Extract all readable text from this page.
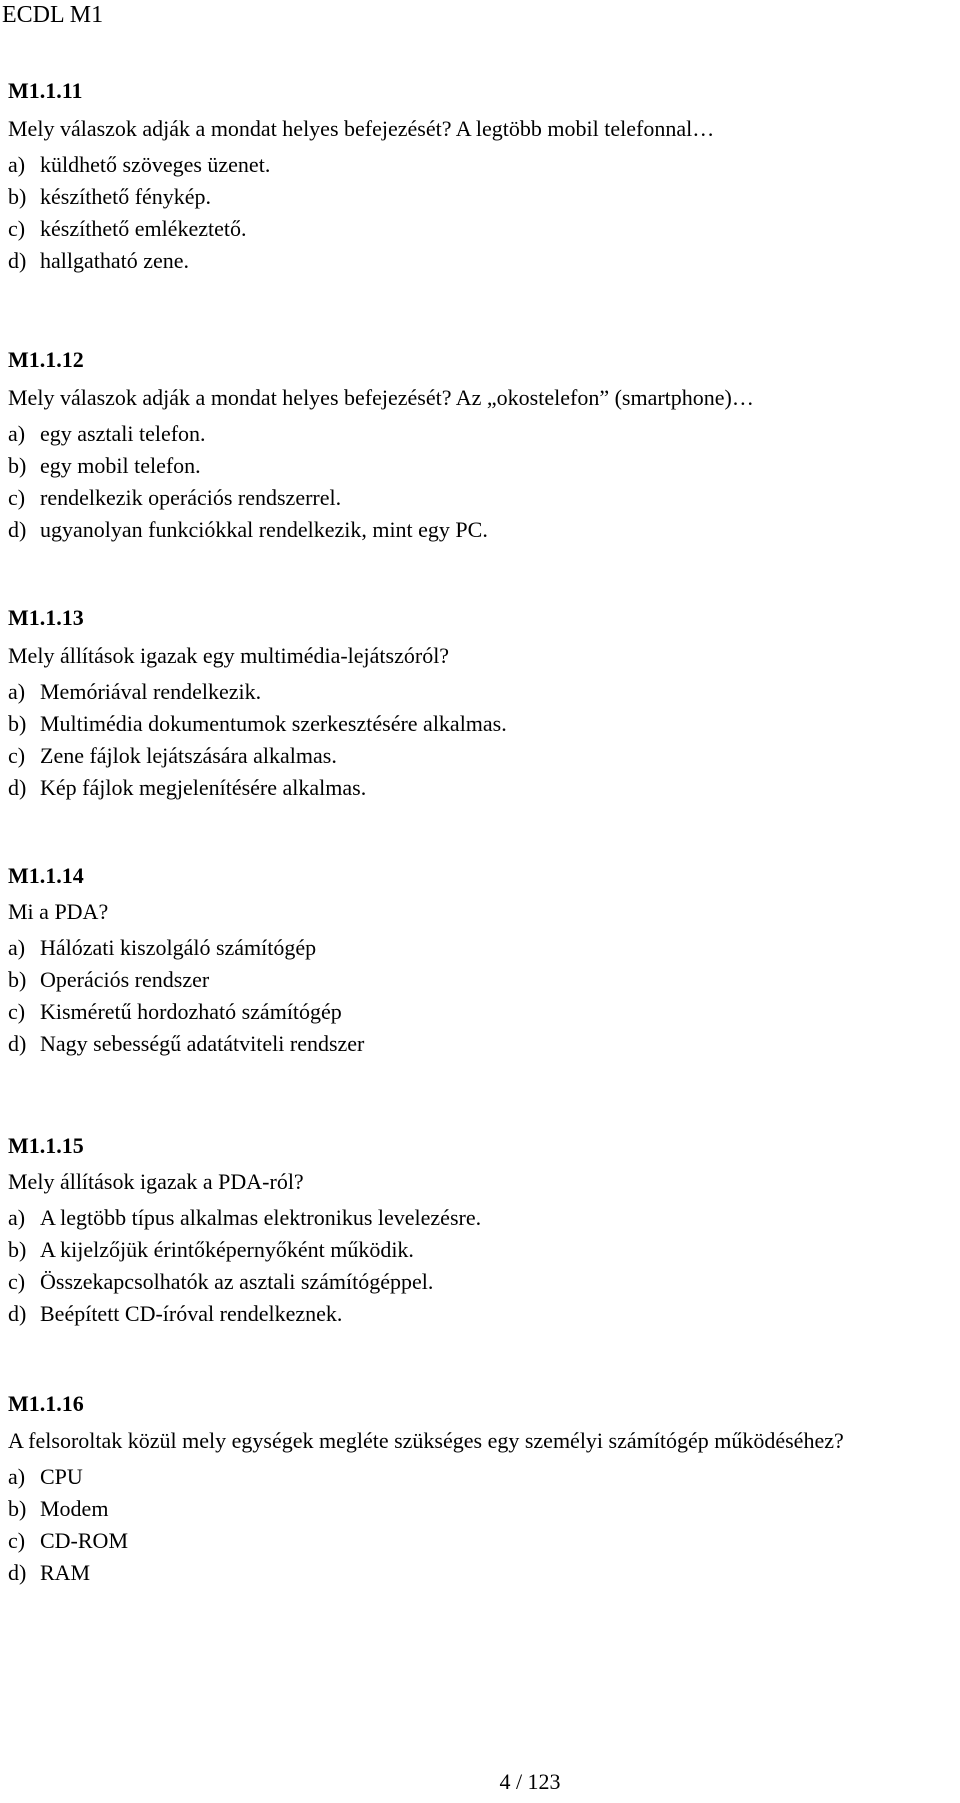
ECDL M1

M1.1.11

Mely válaszok adják a mondat helyes befejezését? A legtöbb mobil telefonnal…

a) küldhető szöveges üzenet.
b) készíthető fénykép.
c) készíthető emlékeztető.
d) hallgatható zene.

M1.1.12

Mely válaszok adják a mondat helyes befejezését? Az „okostelefon” (smartphone)…

a) egy asztali telefon.
b) egy mobil telefon.
c) rendelkezik operációs rendszerrel.
d) ugyanolyan funkciókkal rendelkezik, mint egy PC.

M1.1.13

Mely állítások igazak egy multimédia-lejátszóról?

a) Memóriával rendelkezik.
b) Multimédia dokumentumok szerkesztésére alkalmas.
c) Zene fájlok lejátszására alkalmas.
d) Kép fájlok megjelenítésére alkalmas.

M1.1.14

Mi a PDA?

a) Hálózati kiszolgáló számítógép
b) Operációs rendszer
c) Kisméretű hordozható számítógép
d) Nagy sebességű adatátviteli rendszer

M1.1.15

Mely állítások igazak a PDA-ról?

a) A legtöbb típus alkalmas elektronikus levelezésre.
b) A kijelzőjük érintőképernyőként működik.
c) Összekapcsolhatók az asztali számítógéppel.
d) Beépített CD-íróval rendelkeznek.

M1.1.16

A felsoroltak közül mely egységek megléte szükséges egy személyi számítógép működéséhez?

a) CPU
b) Modem
c) CD-ROM
d) RAM
4 / 123
